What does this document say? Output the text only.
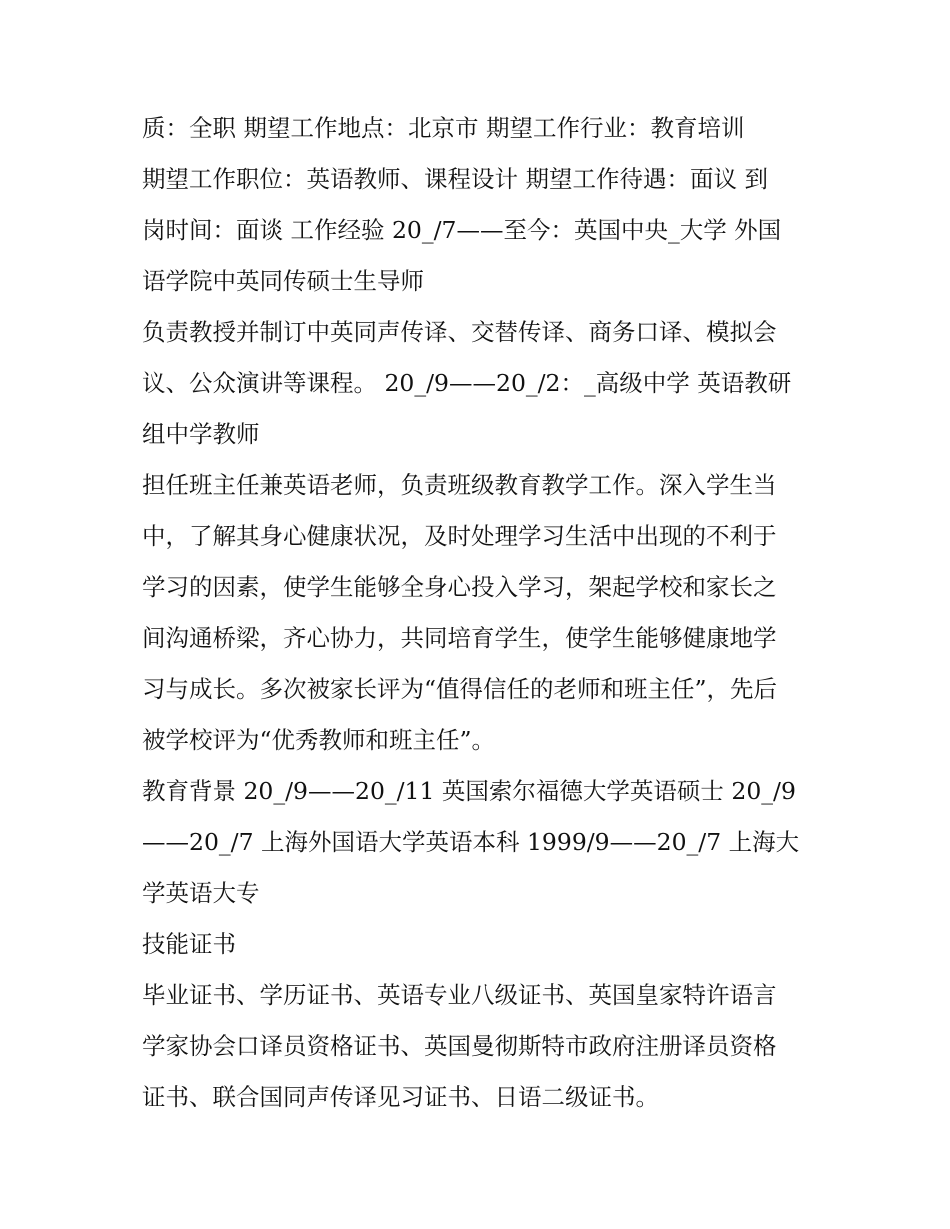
质：全职 期望工作地点：北京市 期望工作行业：教育培训
期望工作职位：英语教师、课程设计 期望工作待遇：面议 到
岗时间：面谈 工作经验 20_/7——至今：英国中央_大学 外国
语学院中英同传硕士生导师
负责教授并制订中英同声传译、交替传译、商务口译、模拟会
议、公众演讲等课程。 20_/9——20_/2：_高级中学 英语教研
组中学教师
担任班主任兼英语老师，负责班级教育教学工作。深入学生当
中，了解其身心健康状况，及时处理学习生活中出现的不利于
学习的因素，使学生能够全身心投入学习，架起学校和家长之
间沟通桥梁，齐心协力，共同培育学生，使学生能够健康地学
习与成长。多次被家长评为“值得信任的老师和班主任”，先后
被学校评为“优秀教师和班主任”。
教育背景 20_/9——20_/11 英国索尔福德大学英语硕士 20_/9
——20_/7 上海外国语大学英语本科 1999/9——20_/7 上海大
学英语大专
技能证书
毕业证书、学历证书、英语专业八级证书、英国皇家特许语言
学家协会口译员资格证书、英国曼彻斯特市政府注册译员资格
证书、联合国同声传译见习证书、日语二级证书。
